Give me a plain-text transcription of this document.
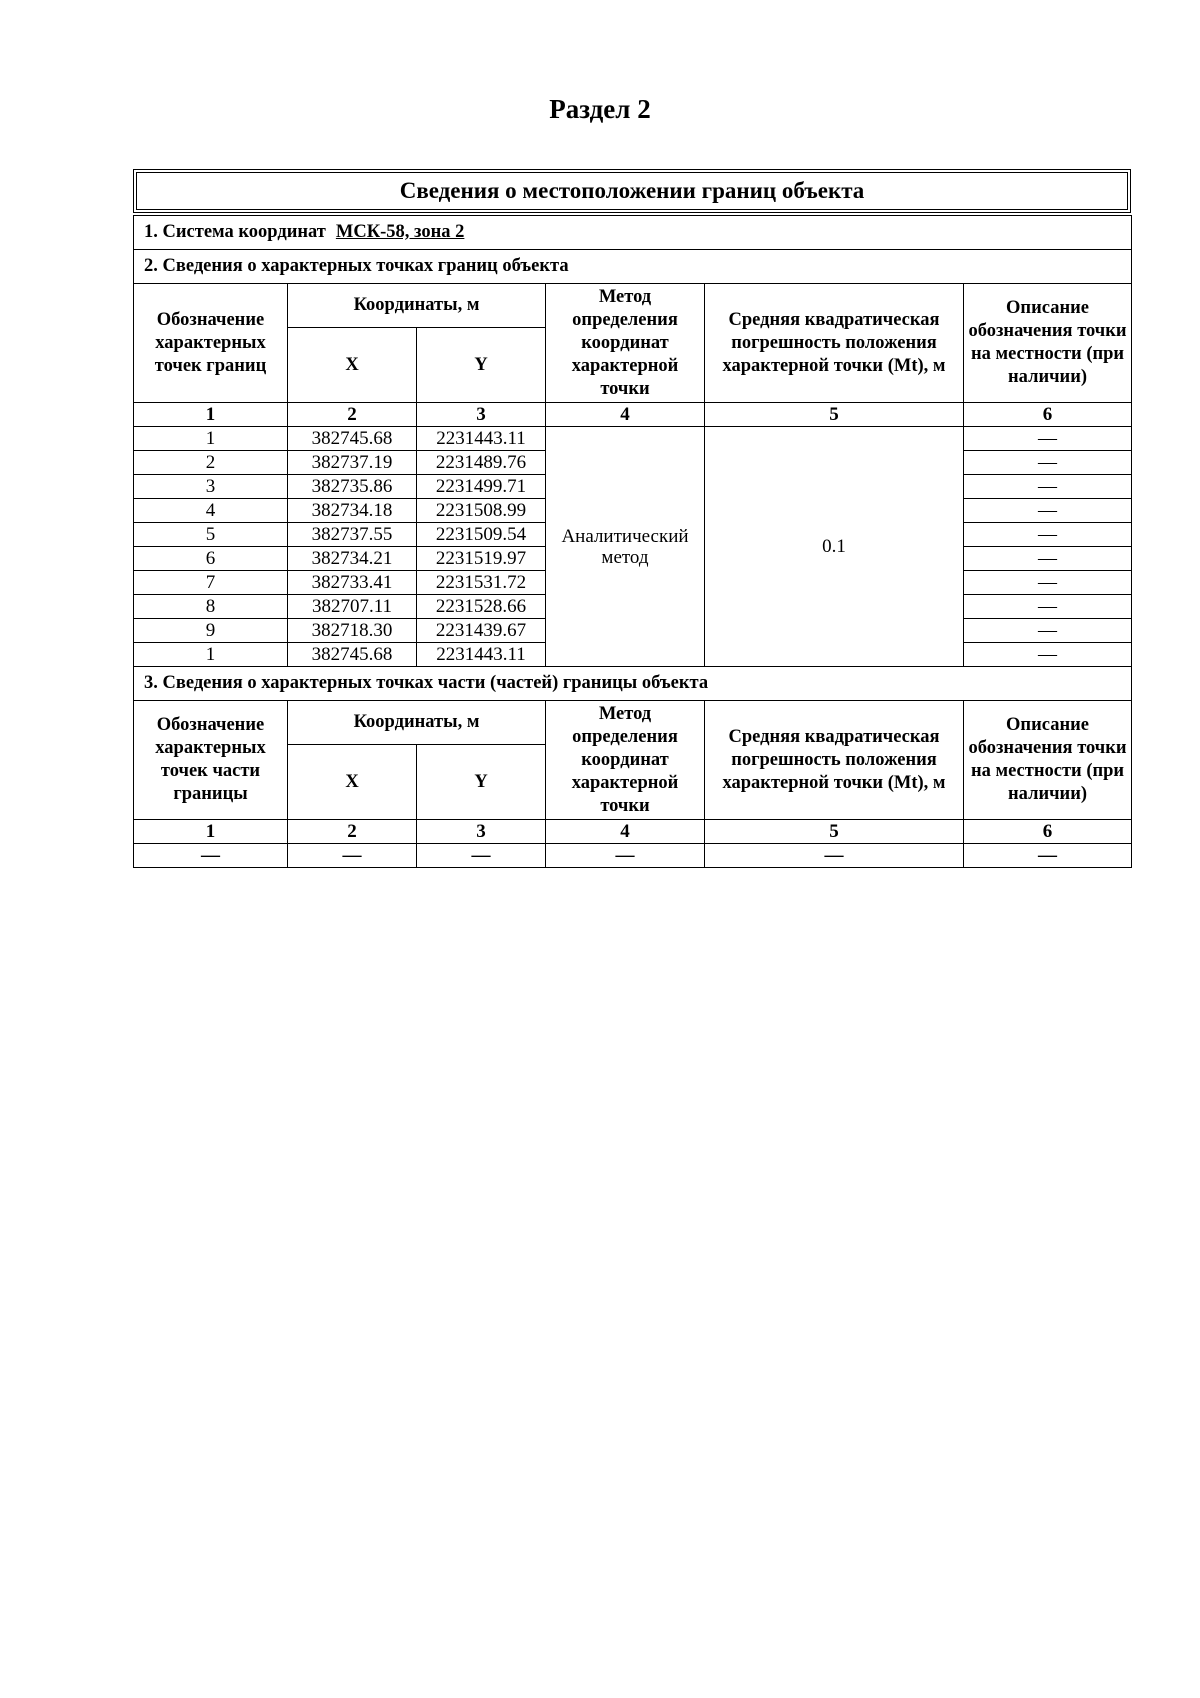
Раздел 2
Сведения о местоположении границ объекта
1. Система координат МСК-58, зона 2					
2. Сведения о характерных точках границ объекта					
Обозначение характерных точек границ	Координаты, м		Метод определения координат характерной точки	Средняя квадратическая погрешность положения характерной точки (Mt), м	Описание обозначения точки на местности (при наличии)
	X	Y			
1	2	3	4	5	6
1	382745.68	2231443.11	Аналитический метод	0.1	—
2	382737.19	2231489.76			—
3	382735.86	2231499.71			—
4	382734.18	2231508.99			—
5	382737.55	2231509.54			—
6	382734.21	2231519.97			—
7	382733.41	2231531.72			—
8	382707.11	2231528.66			—
9	382718.30	2231439.67			—
1	382745.68	2231443.11			—
3. Сведения о характерных точках части (частей) границы объекта					
Обозначение характерных точек части границы	Координаты, м		Метод определения координат характерной точки	Средняя квадратическая погрешность положения характерной точки (Mt), м	Описание обозначения точки на местности (при наличии)
	X	Y			
1	2	3	4	5	6
—	—	—	—	—	—
